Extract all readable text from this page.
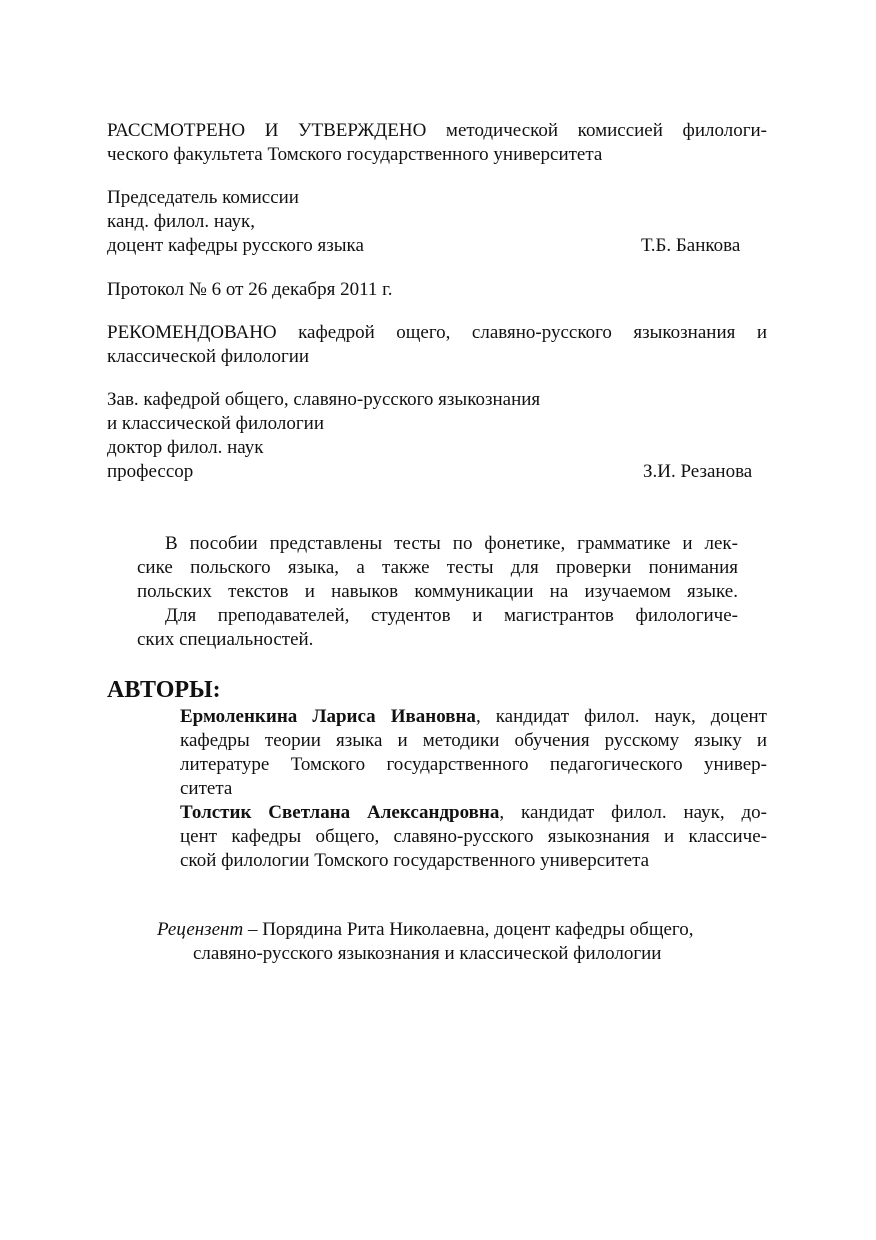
РАССМОТРЕНО И УТВЕРЖДЕНО методической комиссией филологи-
ческого факультета Томского государственного университета
Председатель комиссии
канд. филол. наук,
доцент кафедры русского языка	Т.Б. Банкова
Протокол № 6 от 26 декабря 2011 г.
РЕКОМЕНДОВАНО кафедрой ощего, славяно-русского языкознания и
классической филологии
Зав. кафедрой общего, славяно-русского языкознания
и классической филологии
доктор филол. наук
профессор	З.И. Резанова
В пособии представлены тесты по фонетике, грамматике и лек-
сике польского языка, а также тесты для проверки понимания
польских текстов и навыков коммуникации на изучаемом языке.
Для преподавателей, студентов и магистрантов филологиче-
ских специальностей.
АВТОРЫ:
Ермоленкина Лариса Ивановна, кандидат филол. наук, доцент
кафедры теории языка и методики обучения русскому языку и
литературе Томского государственного педагогического универ-
ситета
Толстик Светлана Александровна, кандидат филол. наук, до-
цент кафедры общего, славяно-русского языкознания и классиче-
ской филологии Томского государственного университета
Рецензент – Порядина Рита Николаевна, доцент кафедры общего,
славяно-русского языкознания и классической филологии
